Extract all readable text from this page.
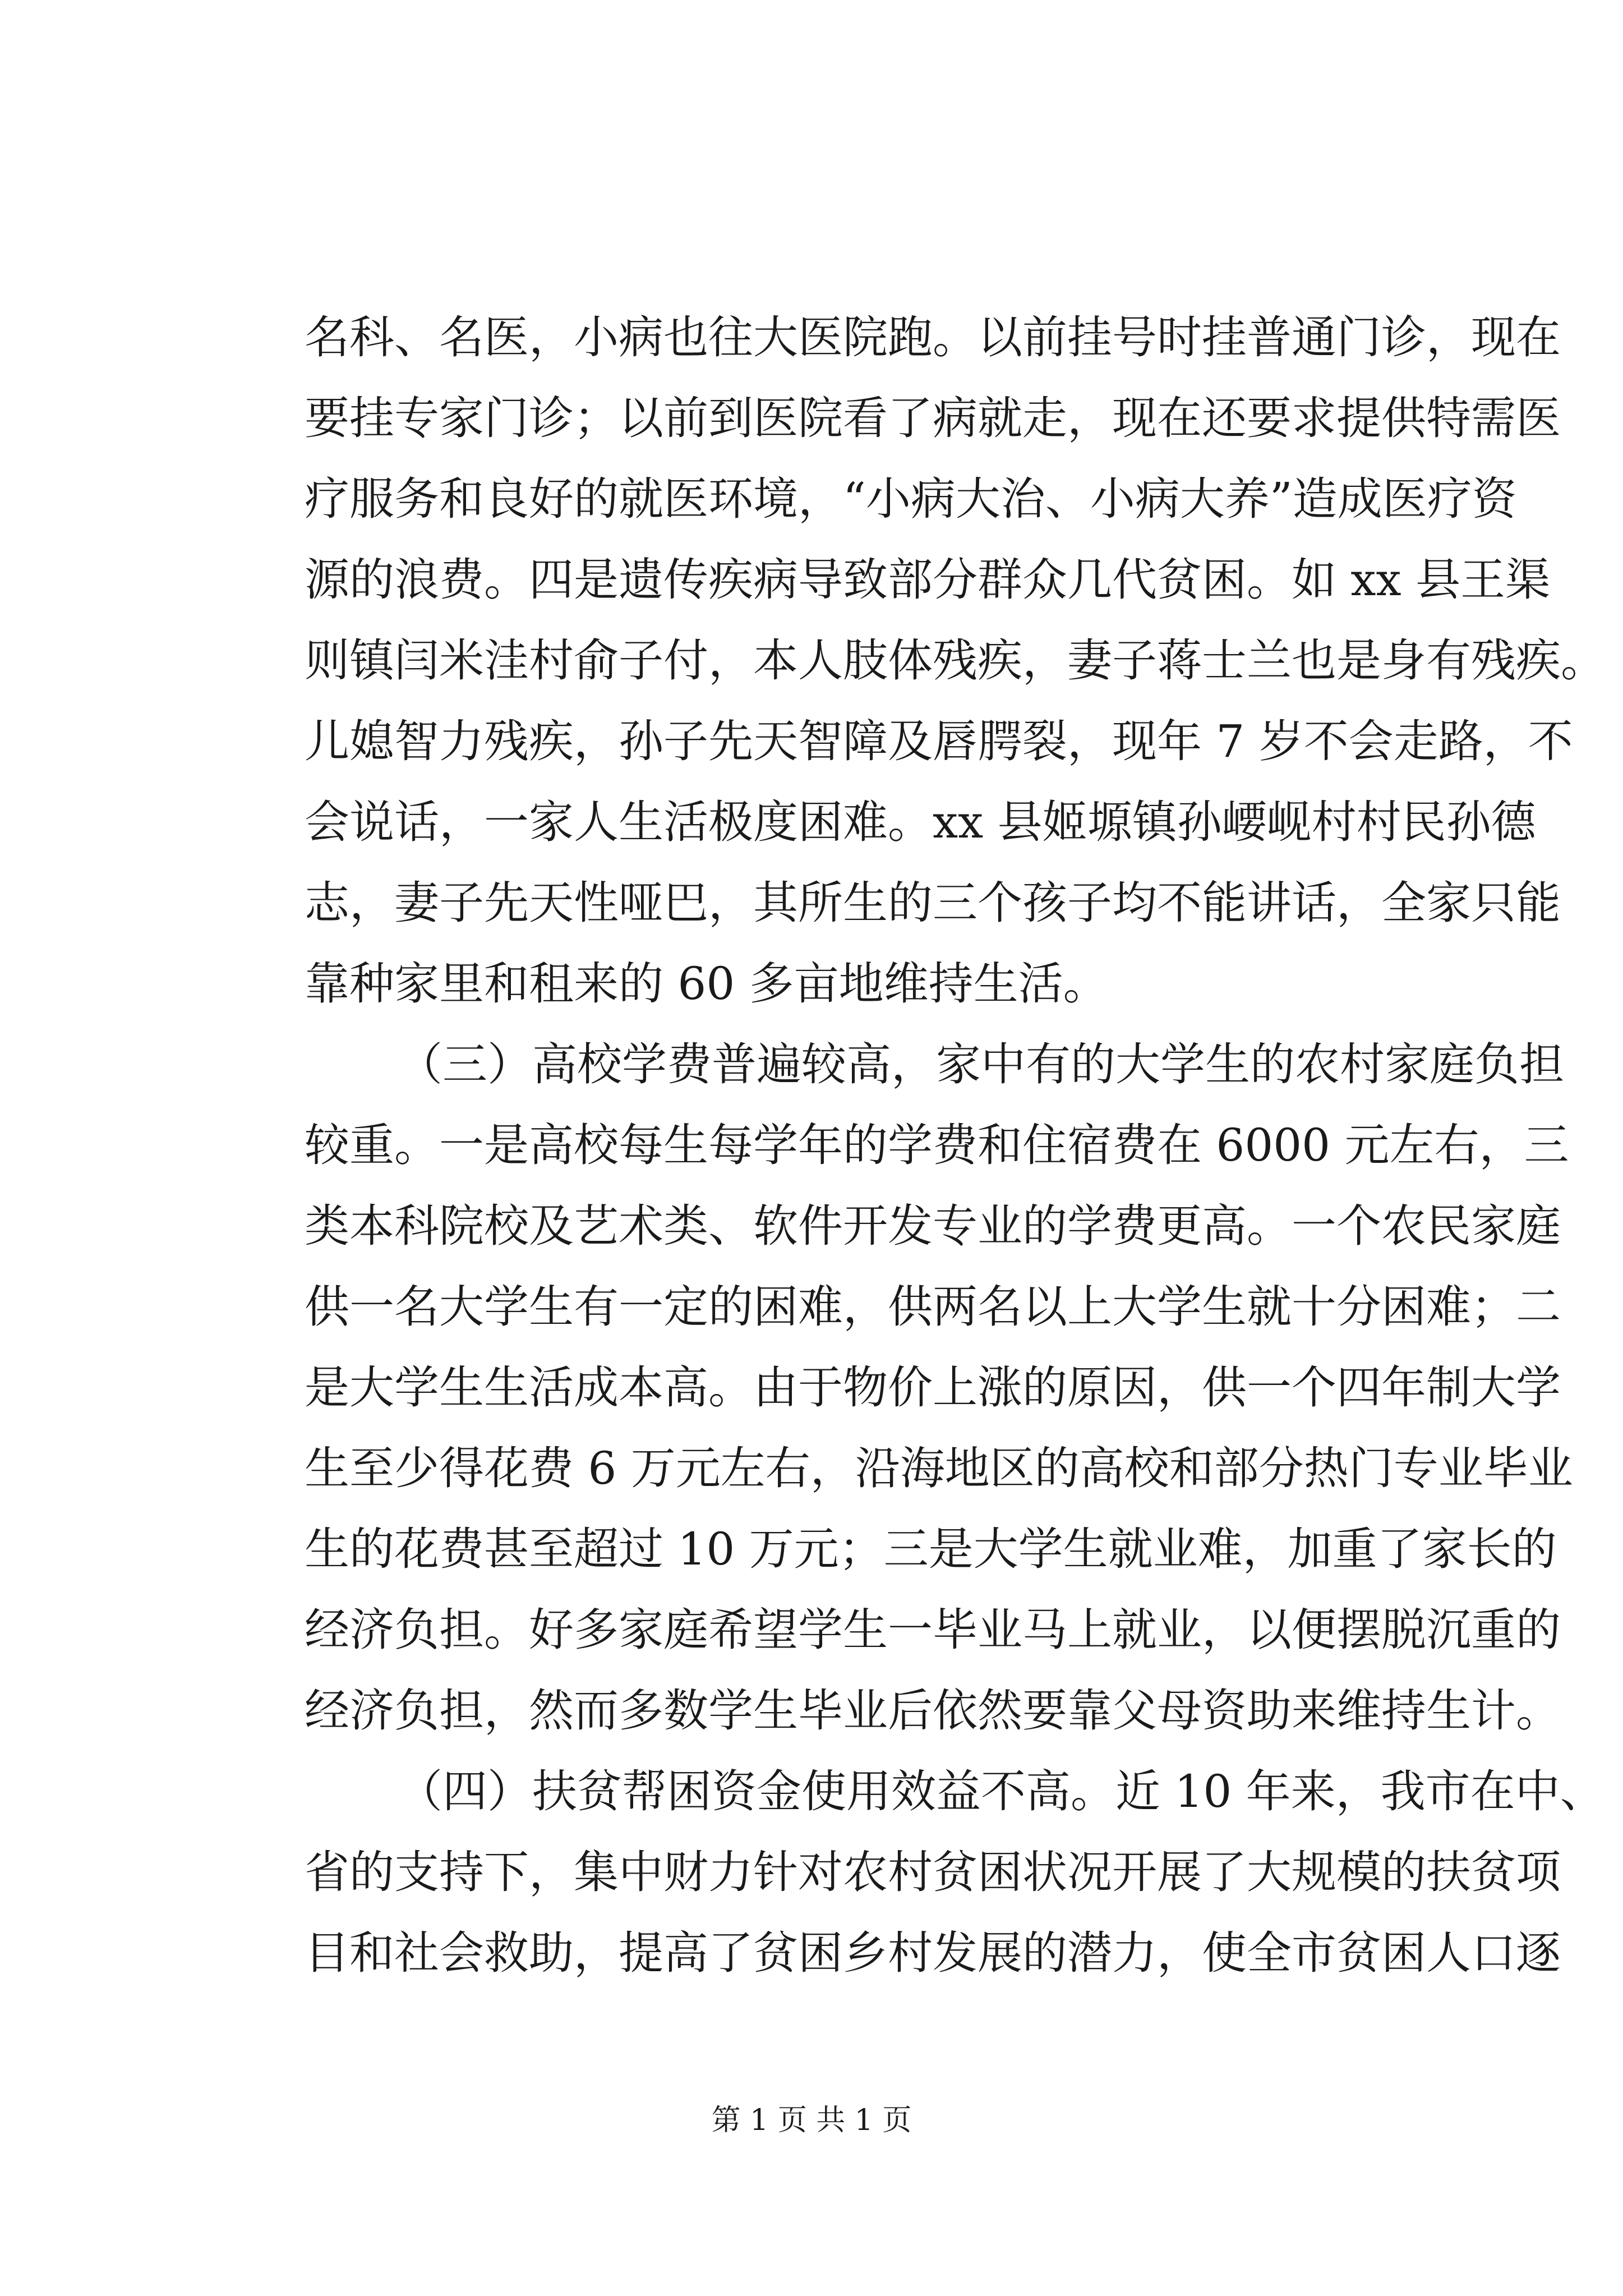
名科、名医，小病也往大医院跑。以前挂号时挂普通门诊，现在
要挂专家门诊；以前到医院看了病就走，现在还要求提供特需医
疗服务和良好的就医环境，“小病大治、小病大养”造成医疗资
源的浪费。四是遗传疾病导致部分群众几代贫困。如 xx 县王渠
则镇闫米洼村俞子付，本人肢体残疾，妻子蒋士兰也是身有残疾。
儿媳智力残疾，孙子先天智障及唇腭裂，现年 7 岁不会走路，不
会说话，一家人生活极度困难。xx 县姬塬镇孙崾岘村村民孙德
志，妻子先天性哑巴，其所生的三个孩子均不能讲话，全家只能
靠种家里和租来的 60 多亩地维持生活。
（三）高校学费普遍较高，家中有的大学生的农村家庭负担
较重。一是高校每生每学年的学费和住宿费在 6000 元左右，三
类本科院校及艺术类、软件开发专业的学费更高。一个农民家庭
供一名大学生有一定的困难，供两名以上大学生就十分困难；二
是大学生生活成本高。由于物价上涨的原因，供一个四年制大学
生至少得花费 6 万元左右，沿海地区的高校和部分热门专业毕业
生的花费甚至超过 10 万元；三是大学生就业难，加重了家长的
经济负担。好多家庭希望学生一毕业马上就业，以便摆脱沉重的
经济负担，然而多数学生毕业后依然要靠父母资助来维持生计。
（四）扶贫帮困资金使用效益不高。近 10 年来，我市在中、
省的支持下，集中财力针对农村贫困状况开展了大规模的扶贫项
目和社会救助，提高了贫困乡村发展的潜力，使全市贫困人口逐
第 1 页 共 1 页
